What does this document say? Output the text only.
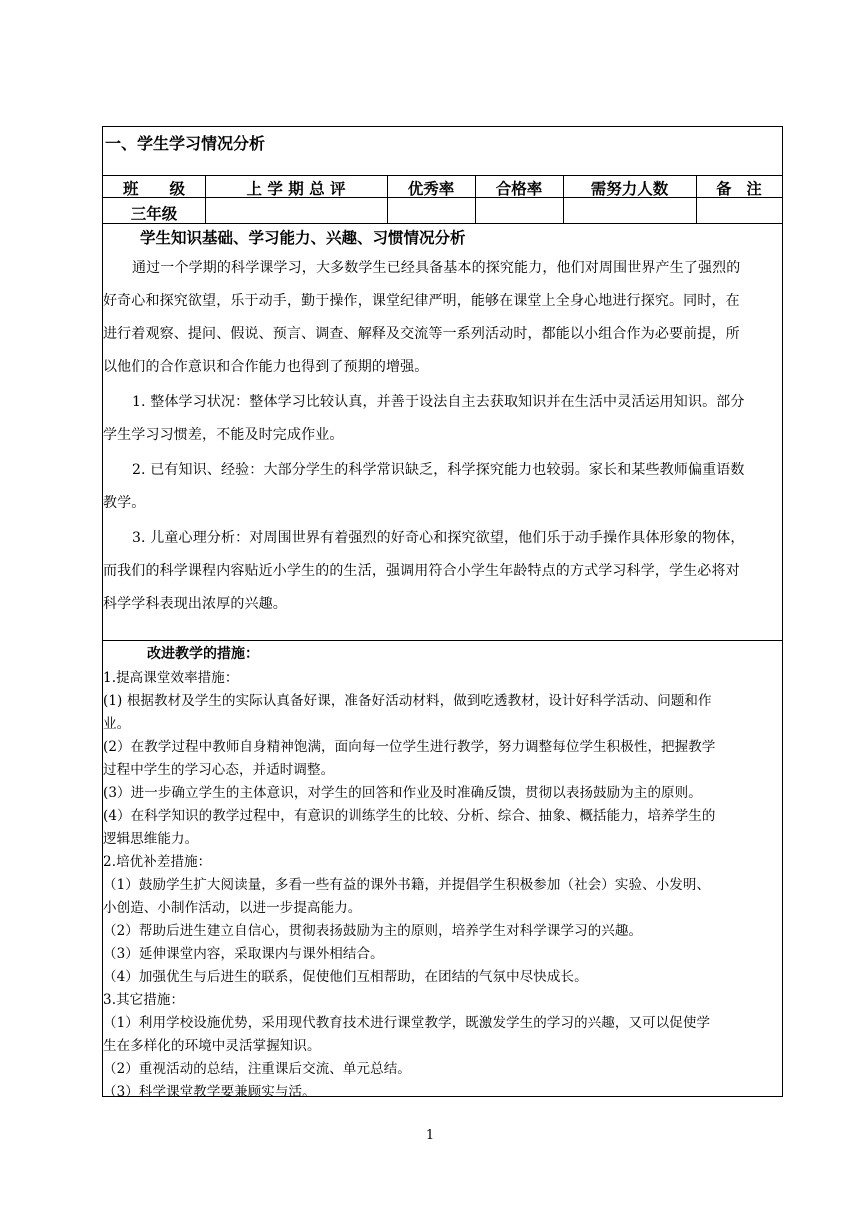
一、学生学习情况分析
班　　级	上 学 期 总 评	优秀率	合格率	需努力人数	备　注
三年级
学生知识基础、学习能力、兴趣、习惯情况分析
通过一个学期的科学课学习，大多数学生已经具备基本的探究能力，他们对周围世界产生了强烈的
好奇心和探究欲望，乐于动手，勤于操作，课堂纪律严明，能够在课堂上全身心地进行探究。同时，在
进行着观察、提问、假说、预言、调查、解释及交流等一系列活动时，都能以小组合作为必要前提，所
以他们的合作意识和合作能力也得到了预期的增强。
1. 整体学习状况：整体学习比较认真，并善于设法自主去获取知识并在生活中灵活运用知识。部分
学生学习习惯差，不能及时完成作业。
2. 已有知识、经验：大部分学生的科学常识缺乏，科学探究能力也较弱。家长和某些教师偏重语数
教学。
3. 儿童心理分析：对周围世界有着强烈的好奇心和探究欲望，他们乐于动手操作具体形象的物体，
而我们的科学课程内容贴近小学生的的生活，强调用符合小学生年龄特点的方式学习科学，学生必将对
科学学科表现出浓厚的兴趣。
改进教学的措施：
1.提高课堂效率措施：
(1) 根据教材及学生的实际认真备好课，准备好活动材料，做到吃透教材，设计好科学活动、问题和作
业。
(2）在教学过程中教师自身精神饱满，面向每一位学生进行教学，努力调整每位学生积极性，把握教学
过程中学生的学习心态，并适时调整。
(3）进一步确立学生的主体意识，对学生的回答和作业及时准确反馈，贯彻以表扬鼓励为主的原则。
(4）在科学知识的教学过程中，有意识的训练学生的比较、分析、综合、抽象、概括能力，培养学生的
逻辑思维能力。
2.培优补差措施：
（1）鼓励学生扩大阅读量，多看一些有益的课外书籍，并提倡学生积极参加（社会）实验、小发明、
小创造、小制作活动，以进一步提高能力。
（2）帮助后进生建立自信心，贯彻表扬鼓励为主的原则，培养学生对科学课学习的兴趣。
（3）延伸课堂内容，采取课内与课外相结合。
（4）加强优生与后进生的联系，促使他们互相帮助，在团结的气氛中尽快成长。
3.其它措施：
（1）利用学校设施优势，采用现代教育技术进行课堂教学，既激发学生的学习的兴趣，又可以促使学
生在多样化的环境中灵活掌握知识。
（2）重视活动的总结，注重课后交流、单元总结。
（3）科学课堂教学要兼顾实与活。
1
